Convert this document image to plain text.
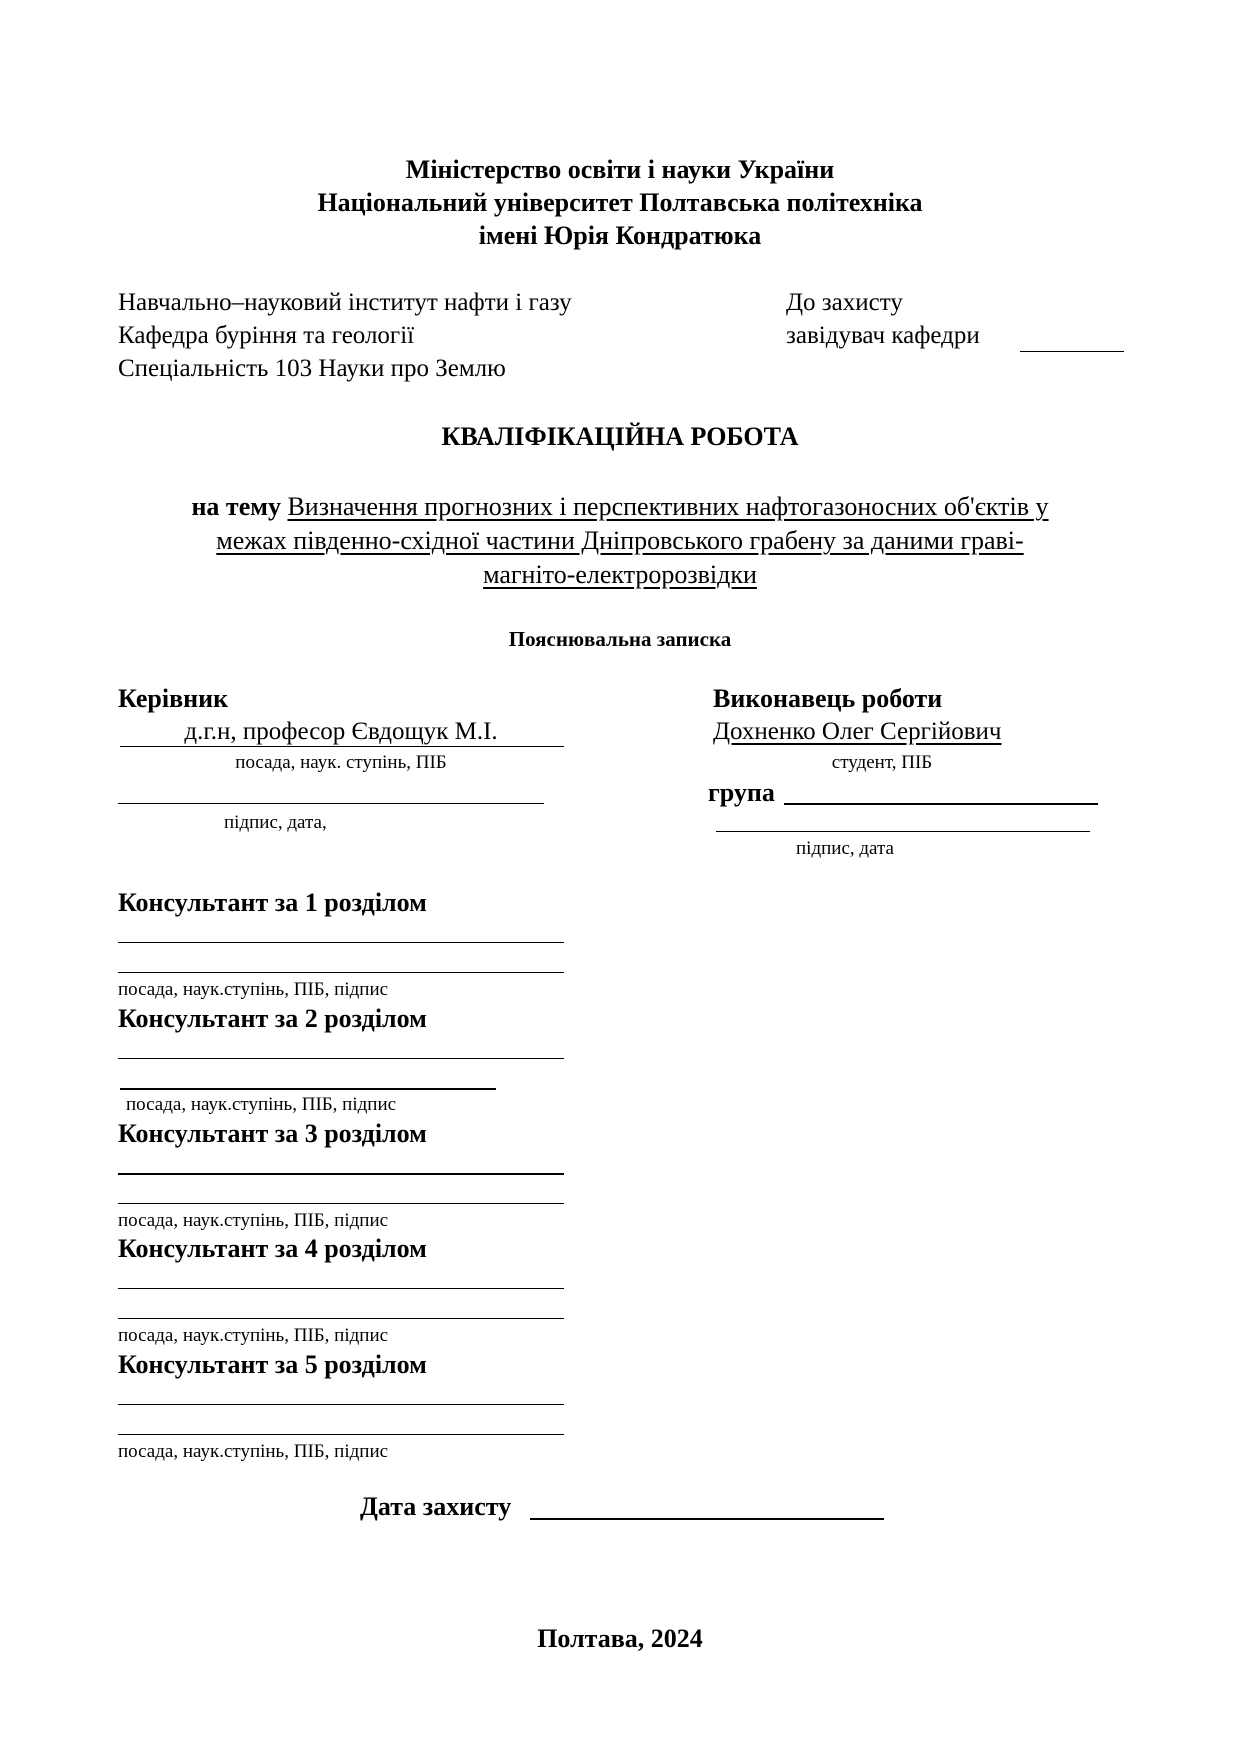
Міністерство освіти і науки України
Національний університет Полтавська політехніка
імені Юрія Кондратюка
Навчально–науковий інститут нафти і газу
Кафедра буріння та геології
Спеціальність 103 Науки про Землю
До захисту
завідувач кафедри
КВАЛІФІКАЦІЙНА РОБОТА
на тему Визначення прогнозних і перспективних нафтогазоносних об'єктів у
межах південно-східної частини Дніпровського грабену за даними граві-
магніто-електророзвідки
Пояснювальна записка
Керівник
д.г.н, професор Євдощук М.І.
посада, наук. ступінь, ПІБ
підпис, дата,
Виконавець роботи
Дохненко Олег Сергійович
студент, ПІБ
група
підпис, дата
Консультант за 1 розділом
посада, наук.ступінь, ПІБ, підпис
Консультант за 2 розділом
посада, наук.ступінь, ПІБ, підпис
Консультант за 3 розділом
посада, наук.ступінь, ПІБ, підпис
Консультант за 4 розділом
посада, наук.ступінь, ПІБ, підпис
Консультант за 5 розділом
посада, наук.ступінь, ПІБ, підпис
Дата захисту
Полтава, 2024
